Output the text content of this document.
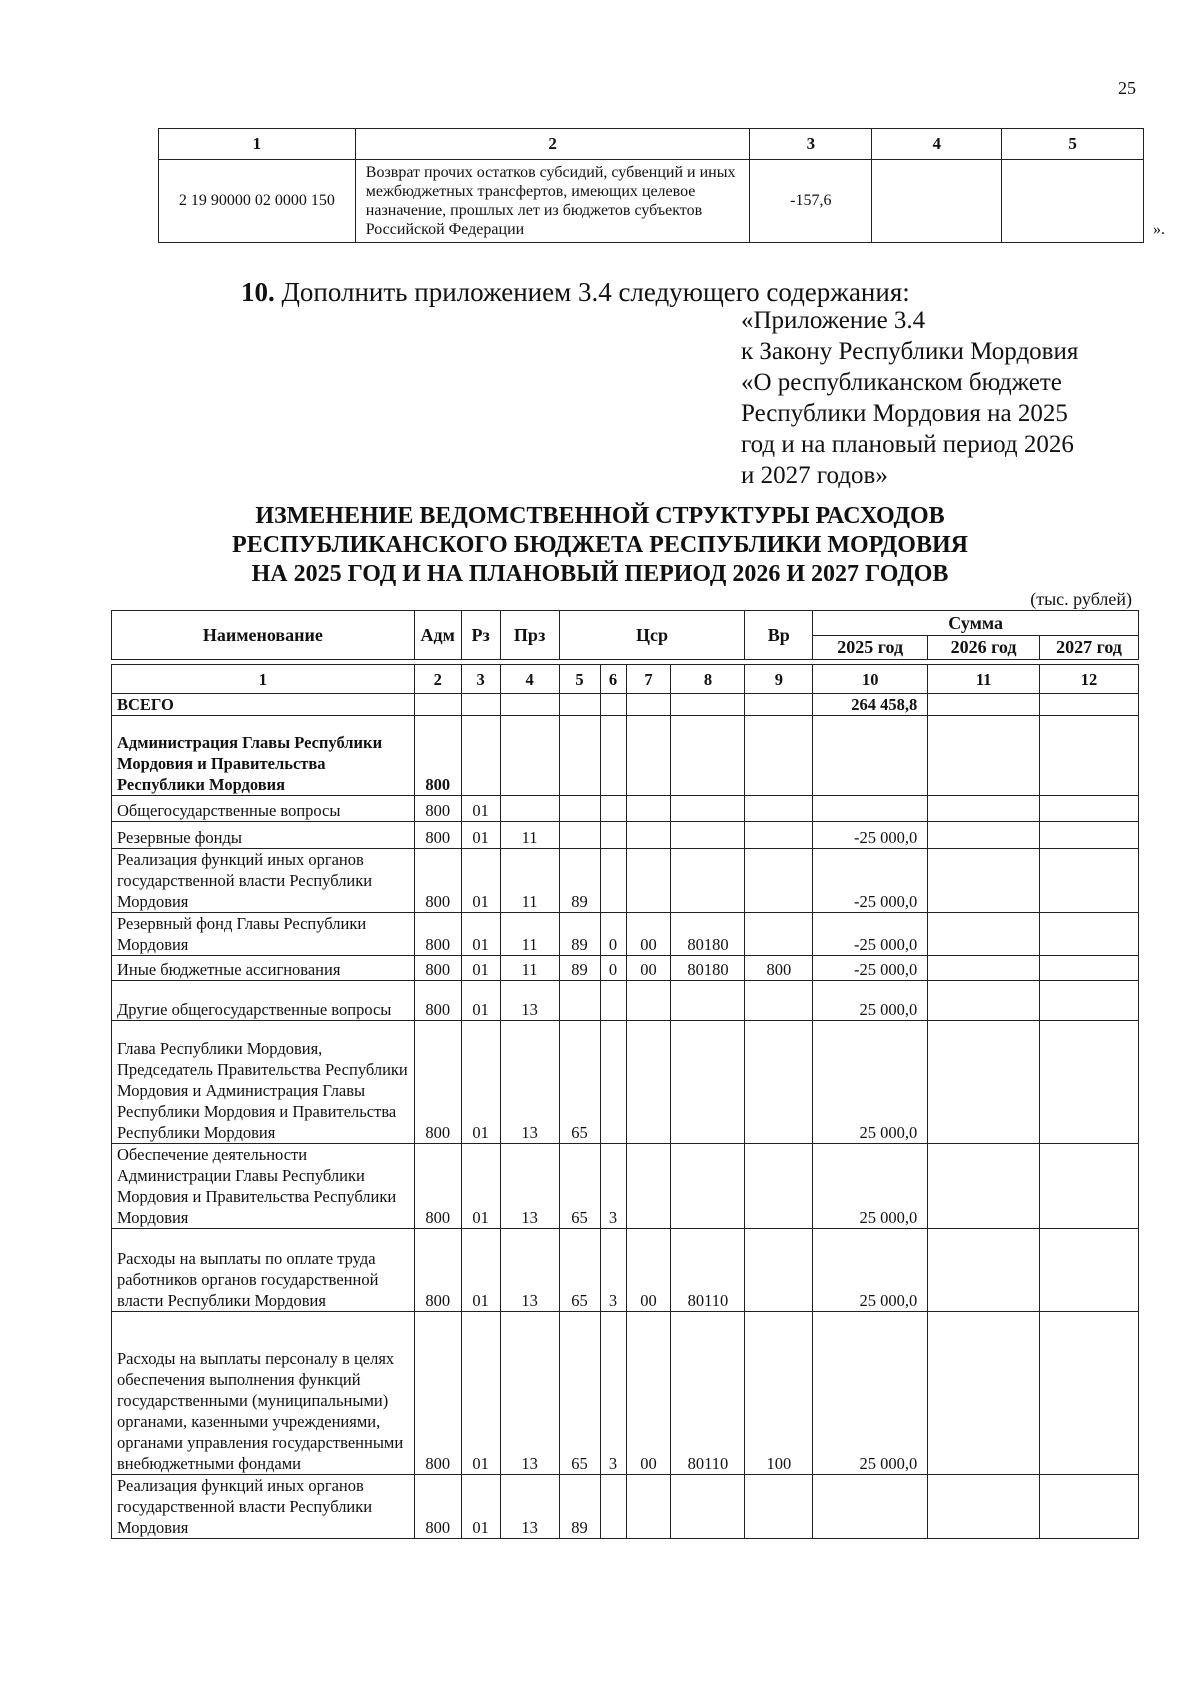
25
1	2	3	4	5
2 19 90000 02 0000 150	Возврат прочих остатков субсидий, субвенций и иных межбюджетных трансфертов, имеющих целевое назначение, прошлых лет из бюджетов субъектов Российской Федерации	-157,6		
».
10. Дополнить приложением 3.4 следующего содержания:
«Приложение 3.4
к Закону Республики Мордовия
«О республиканском бюджете
Республики Мордовия на 2025
год и на плановый период 2026
и 2027 годов»
ИЗМЕНЕНИЕ ВЕДОМСТВЕННОЙ СТРУКТУРЫ РАСХОДОВ
РЕСПУБЛИКАНСКОГО БЮДЖЕТА РЕСПУБЛИКИ МОРДОВИЯ
НА 2025 ГОД И НА ПЛАНОВЫЙ ПЕРИОД 2026 И 2027 ГОДОВ
(тыс. рублей)
Наименование	Адм	Рз	Прз	Цср	Вр	Сумма		
						2025 год	2026 год	2027 год
1	2	3	4	5	6	7	8	9	10	11	12
ВСЕГО									264 458,8		
Администрация Главы Республики Мордовия и Правительства Республики Мордовия	800										
Общегосударственные вопросы	800	01									
Резервные фонды	800	01	11						-25 000,0		
Реализация функций иных органов государственной власти Республики Мордовия	800	01	11	89					-25 000,0		
Резервный фонд Главы Республики Мордовия	800	01	11	89	0	00	80180		-25 000,0		
Иные бюджетные ассигнования	800	01	11	89	0	00	80180	800	-25 000,0		
Другие общегосударственные вопросы	800	01	13						25 000,0		
Глава Республики Мордовия, Председатель Правительства Республики Мордовия и Администрация Главы Республики Мордовия и Правительства Республики Мордовия	800	01	13	65					25 000,0		
Обеспечение деятельности Администрации Главы Республики Мордовия и Правительства Республики Мордовия	800	01	13	65	3				25 000,0		
Расходы на выплаты по оплате труда работников органов государственной власти Республики Мордовия	800	01	13	65	3	00	80110		25 000,0		
Расходы на выплаты персоналу в целях обеспечения выполнения функций государственными (муниципальными) органами, казенными учреждениями, органами управления государственными внебюджетными фондами	800	01	13	65	3	00	80110	100	25 000,0		
Реализация функций иных органов государственной власти Республики Мордовия	800	01	13	89							
